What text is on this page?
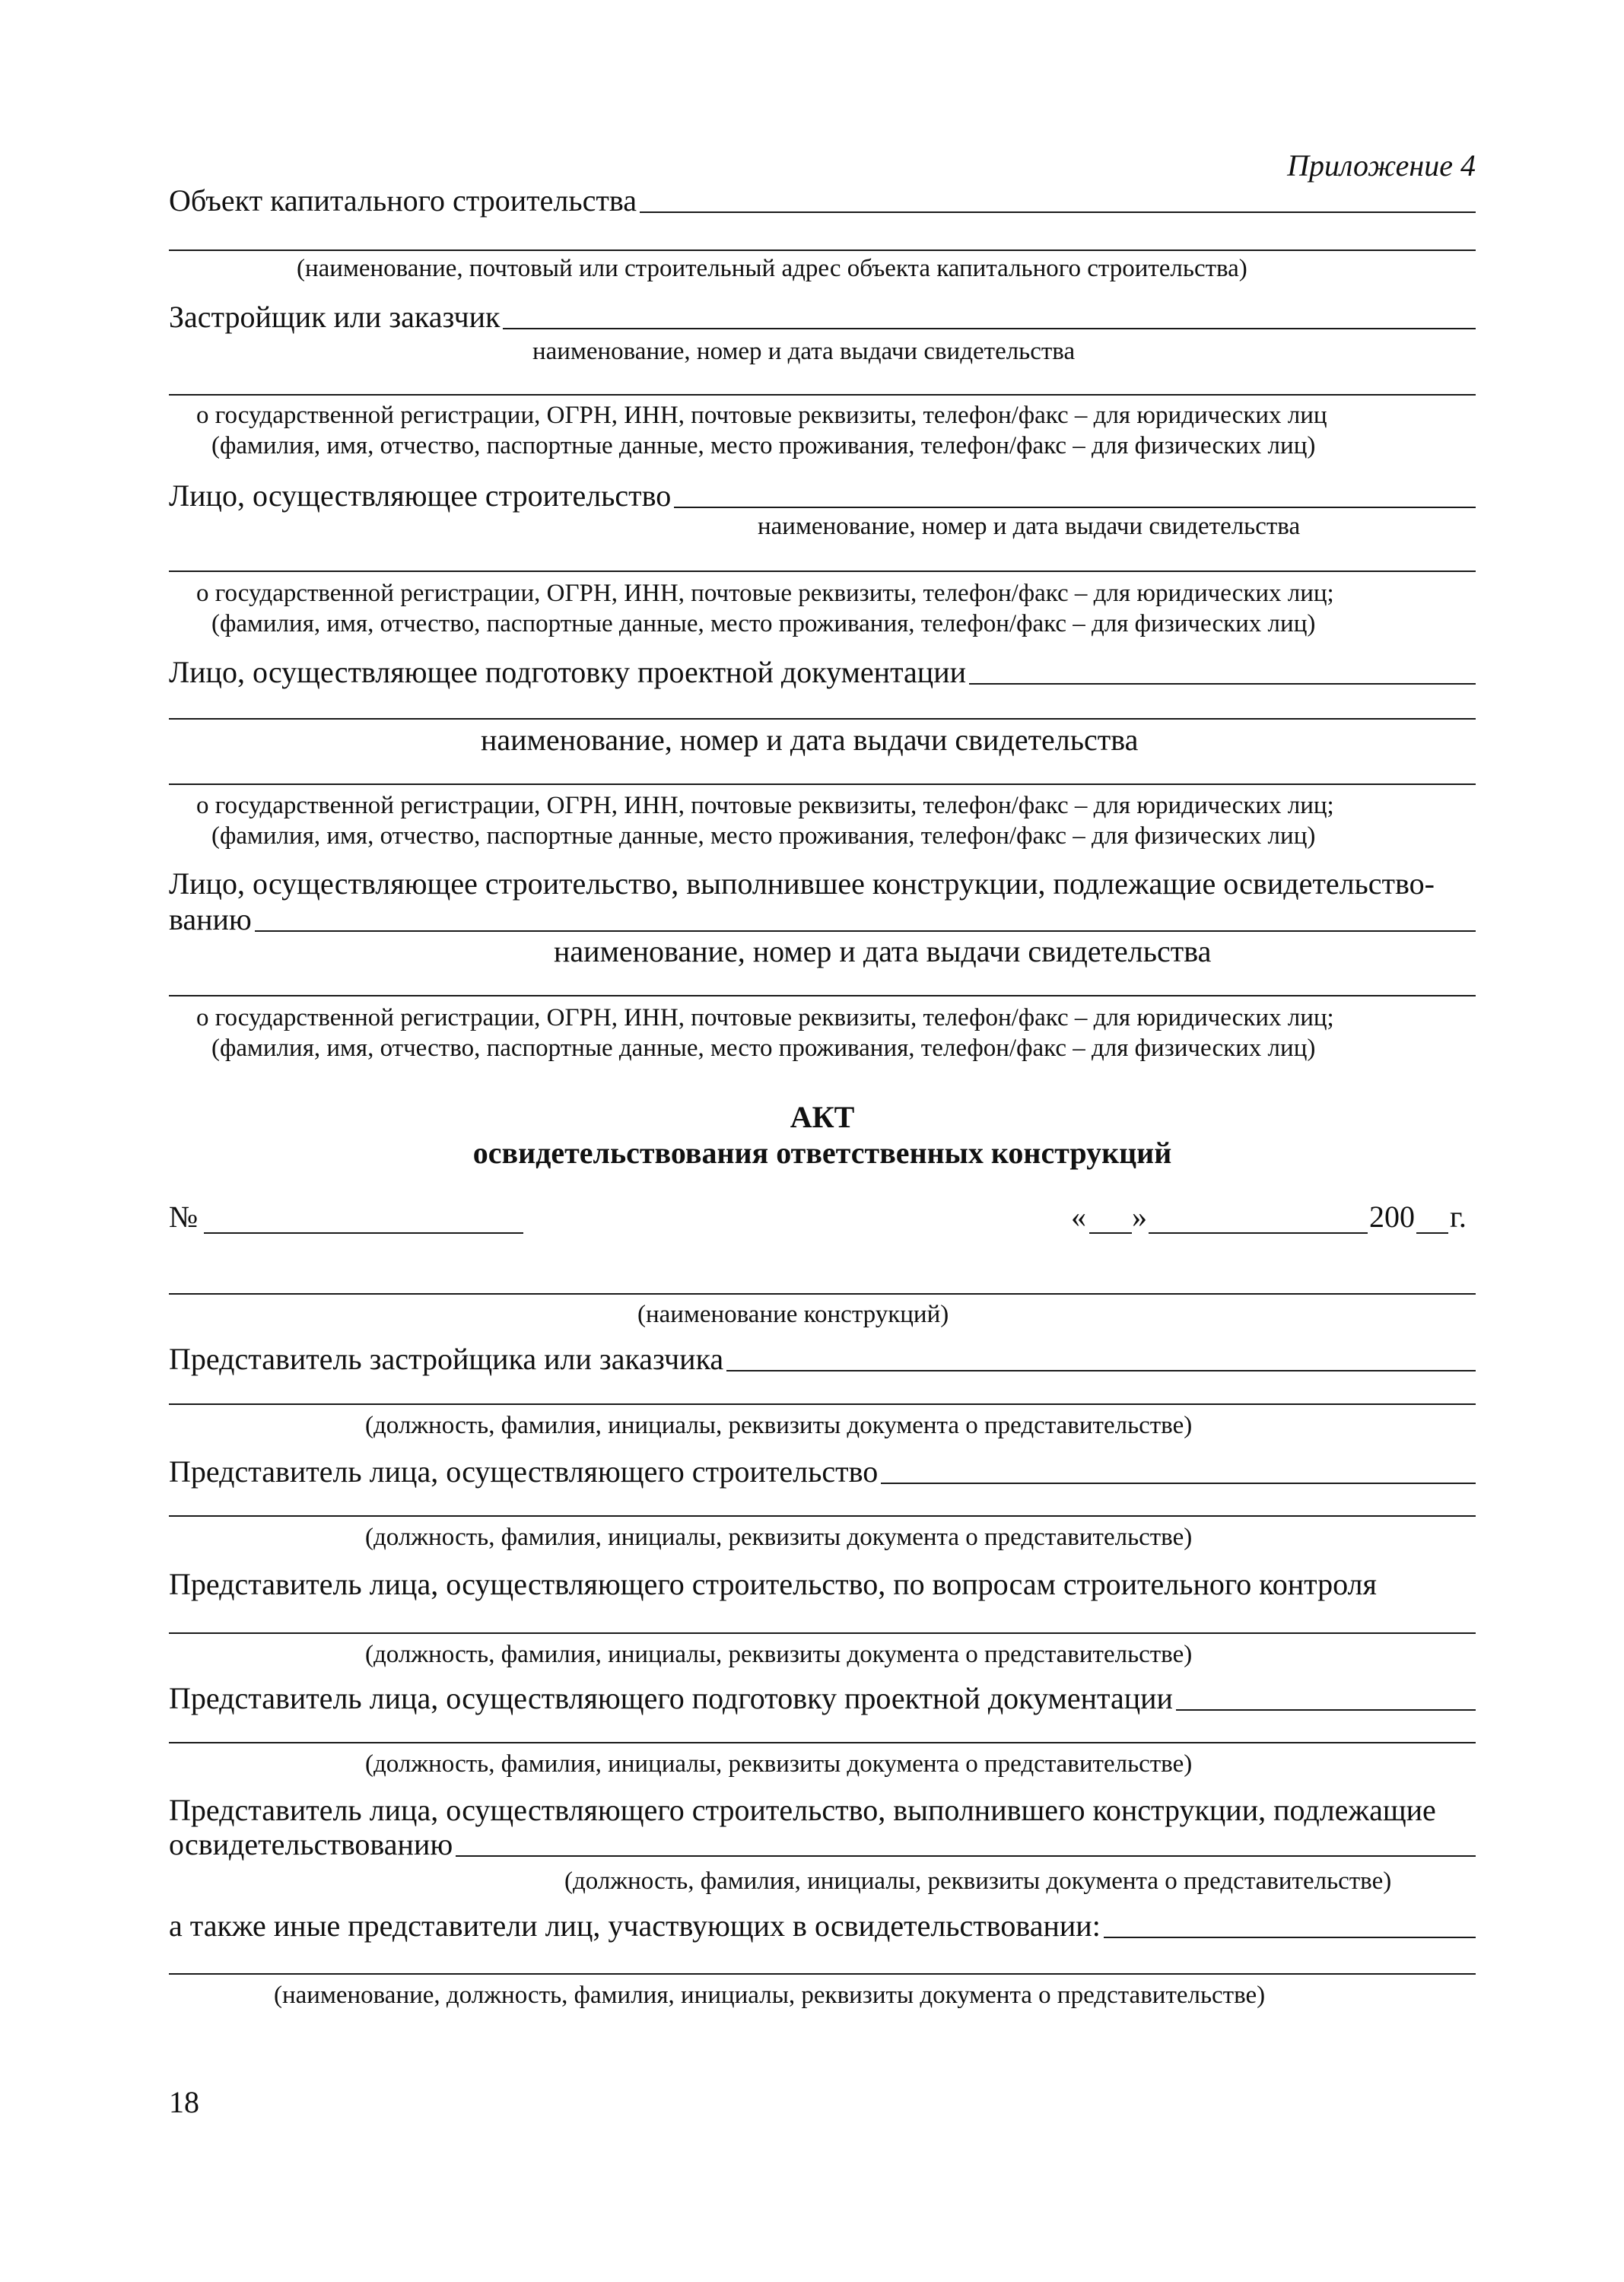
Приложение 4
Объект капитального строительства
(наименование, почтовый или строительный адрес объекта капитального строительства)
Застройщик или заказчик
наименование, номер и дата выдачи свидетельства
о государственной регистрации, ОГРН, ИНН, почтовые реквизиты, телефон/факс – для юридических лиц
(фамилия, имя, отчество, паспортные данные, место проживания, телефон/факс – для физических лиц)
Лицо, осуществляющее строительство
наименование, номер и дата выдачи свидетельства
о государственной регистрации, ОГРН, ИНН, почтовые реквизиты, телефон/факс – для юридических лиц;
(фамилия, имя, отчество, паспортные данные, место проживания, телефон/факс – для физических лиц)
Лицо, осуществляющее подготовку проектной документации
наименование, номер и дата выдачи свидетельства
о государственной регистрации, ОГРН, ИНН, почтовые реквизиты, телефон/факс – для юридических лиц;
(фамилия, имя, отчество, паспортные данные, место проживания, телефон/факс – для физических лиц)
Лицо, осуществляющее строительство, выполнившее конструкции, подлежащие освидетельство-
ванию
наименование, номер и дата выдачи свидетельства
о государственной регистрации, ОГРН, ИНН, почтовые реквизиты, телефон/факс – для юридических лиц;
(фамилия, имя, отчество, паспортные данные, место проживания, телефон/факс – для физических лиц)
АКТ
освидетельствования ответственных конструкций
№	« »	200 г.
(наименование конструкций)
Представитель застройщика или заказчика
(должность, фамилия, инициалы, реквизиты документа о представительстве)
Представитель лица, осуществляющего строительство
(должность, фамилия, инициалы, реквизиты документа о представительстве)
Представитель лица, осуществляющего строительство, по вопросам строительного контроля
(должность, фамилия, инициалы, реквизиты документа о представительстве)
Представитель лица, осуществляющего подготовку проектной документации
(должность, фамилия, инициалы, реквизиты документа о представительстве)
Представитель лица, осуществляющего строительство, выполнившего конструкции, подлежащие
освидетельствованию
(должность, фамилия, инициалы, реквизиты документа о представительстве)
а также иные представители лиц, участвующих в освидетельствовании:
(наименование, должность, фамилия, инициалы, реквизиты документа о представительстве)
18
